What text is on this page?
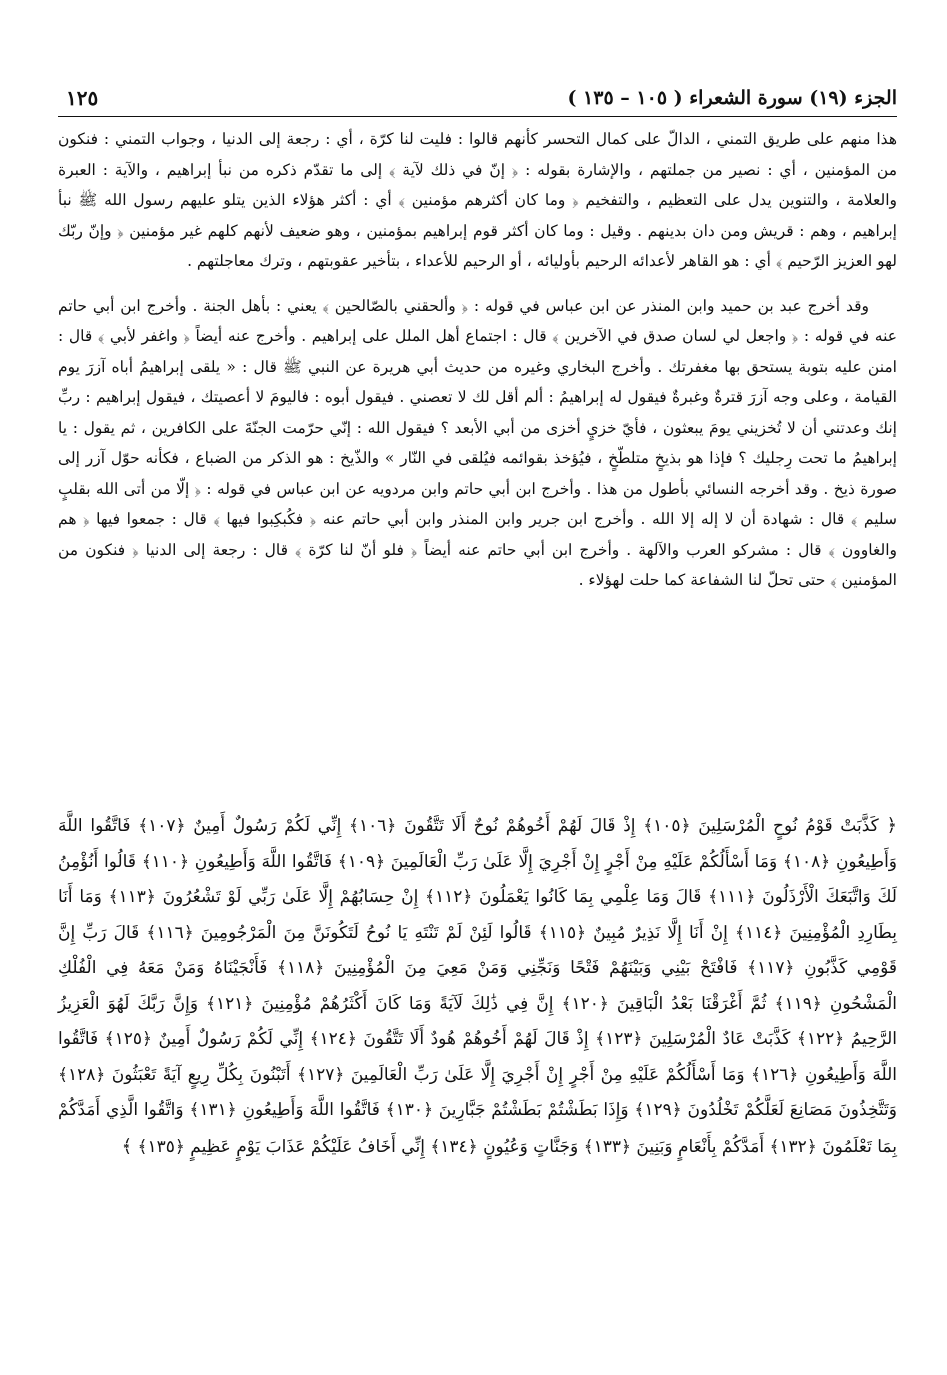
الجزء (١٩) سورة الشعراء ( ١٠٥ – ١٣٥ )
١٢٥

هذا منهم على طريق التمني ، الدالّ على كمال التحسر كأنهم قالوا : فليت لنا كرّة ، أي : رجعة إلى الدنيا ، وجواب التمني : فنكون من المؤمنين ، أي : نصير من جملتهم ، والإشارة بقوله : ﴿ إنّ في ذلك لآية ﴾ إلى ما تقدّم ذكره من نبأ إبراهيم ، والآية : العبرة والعلامة ، والتنوين يدل على التعظيم ، والتفخيم ﴿ وما كان أكثرهم مؤمنين ﴾ أي : أكثر هؤلاء الذين يتلو عليهم رسول الله ﷺ نبأ إبراهيم ، وهم : قريش ومن دان بدينهم . وقيل : وما كان أكثر قوم إبراهيم بمؤمنين ، وهو ضعيف لأنهم كلهم غير مؤمنين ﴿ وإنّ ربّك لهو العزيز الرّحيم ﴾ أي : هو القاهر لأعدائه الرحيم بأوليائه ، أو الرحيم للأعداء ، بتأخير عقوبتهم ، وترك معاجلتهم .

وقد أخرج عبد بن حميد وابن المنذر عن ابن عباس في قوله : ﴿ وألحقني بالصّالحين ﴾ يعني : بأهل الجنة . وأخرج ابن أبي حاتم عنه في قوله : ﴿ واجعل لي لسان صدق في الآخرين ﴾ قال : اجتماع أهل الملل على إبراهيم . وأخرج عنه أيضاً ﴿ واغفر لأبي ﴾ قال : امنن عليه بتوبة يستحق بها مغفرتك . وأخرج البخاري وغيره من حديث أبي هريرة عن النبي ﷺ قال : « يلقى إبراهيمُ أباه آزرَ يوم القيامة ، وعلى وجه آزرَ قترةٌ وغبرةٌ فيقول له إبراهيمُ : ألم أقل لك لا تعصني . فيقول أبوه : فاليومَ لا أعصيتك ، فيقول إبراهيم : ربِّ إنك وعدتني أن لا تُخزيني يومَ يبعثون ، فأيّ خزيٍ أخزى من أبي الأبعد ؟ فيقول الله : إنّي حرّمت الجنّةَ على الكافرين ، ثم يقول : يا إبراهيمُ ما تحت رِجليك ؟ فإذا هو بذيخٍ متلطّخٍ ، فيُؤخذ بقوائمه فيُلقى في النّار » والذّيخ : هو الذكر من الضباع ، فكأنه حوّل آزر إلى صورة ذيخ . وقد أخرجه النسائي بأطول من هذا . وأخرج ابن أبي حاتم وابن مردويه عن ابن عباس في قوله : ﴿ إلّا من أتى الله بقلبٍ سليم ﴾ قال : شهادة أن لا إله إلا الله . وأخرج ابن جرير وابن المنذر وابن أبي حاتم عنه ﴿ فكُبكِبوا فيها ﴾ قال : جمعوا فيها ﴿ هم والغاوون ﴾ قال : مشركو العرب والآلهة . وأخرج ابن أبي حاتم عنه أيضاً ﴿ فلو أنّ لنا كرّة ﴾ قال : رجعة إلى الدنيا ﴿ فنكون من المؤمنين ﴾ حتى تحلّ لنا الشفاعة كما حلت لهؤلاء .

﴿ كَذَّبَتْ قَوْمُ نُوحٍ الْمُرْسَلِينَ ﴿١٠٥﴾ إِذْ قَالَ لَهُمْ أَخُوهُمْ نُوحٌ أَلَا تَتَّقُونَ ﴿١٠٦﴾ إِنِّي لَكُمْ رَسُولٌ أَمِينٌ ﴿١٠٧﴾ فَاتَّقُوا اللَّهَ وَأَطِيعُونِ ﴿١٠٨﴾ وَمَا أَسْأَلُكُمْ عَلَيْهِ مِنْ أَجْرٍ إِنْ أَجْرِيَ إِلَّا عَلَىٰ رَبِّ الْعَالَمِينَ ﴿١٠٩﴾ فَاتَّقُوا اللَّهَ وَأَطِيعُونِ ﴿١١٠﴾ قَالُوا أَنُؤْمِنُ لَكَ وَاتَّبَعَكَ الْأَرْذَلُونَ ﴿١١١﴾ قَالَ وَمَا عِلْمِي بِمَا كَانُوا يَعْمَلُونَ ﴿١١٢﴾ إِنْ حِسَابُهُمْ إِلَّا عَلَىٰ رَبِّي لَوْ تَشْعُرُونَ ﴿١١٣﴾ وَمَا أَنَا بِطَارِدِ الْمُؤْمِنِينَ ﴿١١٤﴾ إِنْ أَنَا إِلَّا نَذِيرٌ مُبِينٌ ﴿١١٥﴾ قَالُوا لَئِنْ لَمْ تَنْتَهِ يَا نُوحُ لَتَكُونَنَّ مِنَ الْمَرْجُومِينَ ﴿١١٦﴾ قَالَ رَبِّ إِنَّ قَوْمِي كَذَّبُونِ ﴿١١٧﴾ فَافْتَحْ بَيْنِي وَبَيْنَهُمْ فَتْحًا وَنَجِّنِي وَمَنْ مَعِيَ مِنَ الْمُؤْمِنِينَ ﴿١١٨﴾ فَأَنْجَيْنَاهُ وَمَنْ مَعَهُ فِي الْفُلْكِ الْمَشْحُونِ ﴿١١٩﴾ ثُمَّ أَغْرَقْنَا بَعْدُ الْبَاقِينَ ﴿١٢٠﴾ إِنَّ فِي ذَٰلِكَ لَآيَةً وَمَا كَانَ أَكْثَرُهُمْ مُؤْمِنِينَ ﴿١٢١﴾ وَإِنَّ رَبَّكَ لَهُوَ الْعَزِيزُ الرَّحِيمُ ﴿١٢٢﴾ كَذَّبَتْ عَادٌ الْمُرْسَلِينَ ﴿١٢٣﴾ إِذْ قَالَ لَهُمْ أَخُوهُمْ هُودٌ أَلَا تَتَّقُونَ ﴿١٢٤﴾ إِنِّي لَكُمْ رَسُولٌ أَمِينٌ ﴿١٢٥﴾ فَاتَّقُوا اللَّهَ وَأَطِيعُونِ ﴿١٢٦﴾ وَمَا أَسْأَلُكُمْ عَلَيْهِ مِنْ أَجْرٍ إِنْ أَجْرِيَ إِلَّا عَلَىٰ رَبِّ الْعَالَمِينَ ﴿١٢٧﴾ أَتَبْنُونَ بِكُلِّ رِيعٍ آيَةً تَعْبَثُونَ ﴿١٢٨﴾ وَتَتَّخِذُونَ مَصَانِعَ لَعَلَّكُمْ تَخْلُدُونَ ﴿١٢٩﴾ وَإِذَا بَطَشْتُمْ بَطَشْتُمْ جَبَّارِينَ ﴿١٣٠﴾ فَاتَّقُوا اللَّهَ وَأَطِيعُونِ ﴿١٣١﴾ وَاتَّقُوا الَّذِي أَمَدَّكُمْ بِمَا تَعْلَمُونَ ﴿١٣٢﴾ أَمَدَّكُمْ بِأَنْعَامٍ وَبَنِينَ ﴿١٣٣﴾ وَجَنَّاتٍ وَعُيُونٍ ﴿١٣٤﴾ إِنِّي أَخَافُ عَلَيْكُمْ عَذَابَ يَوْمٍ عَظِيمٍ ﴿١٣٥﴾ ﴾
